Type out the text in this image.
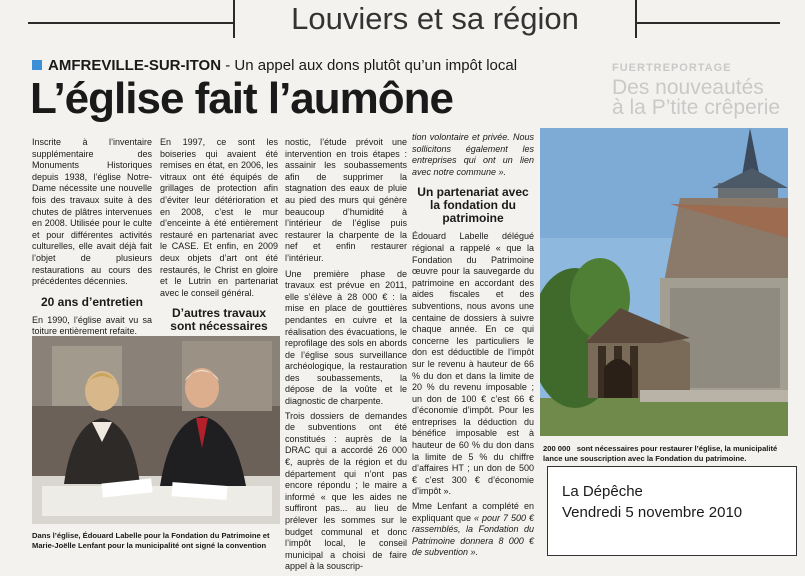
Louviers et sa région
FUERTREPORTAGE
Des nouveautés
à la P’tite crêperie
AMFREVILLE-SUR-ITON - Un appel aux dons plutôt qu’un impôt local
L’église fait l’aumône

Inscrite à l’inventaire supplémentaire des Monuments Historiques depuis 1938, l’église Notre-Dame nécessite une nouvelle fois des travaux suite à des chutes de plâtres intervenues en 2008. Utilisée pour le culte et pour différentes activités culturelles, elle avait déjà fait l’objet de plusieurs restaurations au cours des précédentes décennies.

20 ans d’entretien

En 1990, l’église avait vu sa toiture entièrement refaite.

En 1997, ce sont les boiseries qui avaient été remises en état, en 2006, les vitraux ont été équipés de grillages de protection afin d’éviter leur détérioration et en 2008, c’est le mur d’enceinte à été entièrement restauré en partenariat avec le CASE. Et enfin, en 2009 deux objets d’art ont été restaurés, le Christ en gloire et le Lutrin en partenariat avec le conseil général.

D’autres travaux sont nécessaires

nostic, l’étude prévoit une intervention en trois étapes : assainir les soubassements afin de supprimer la stagnation des eaux de pluie au pied des murs qui génère beaucoup d’humidité à l’intérieur de l’église puis restaurer la charpente de la nef et enfin restaurer l’intérieur.

Une première phase de travaux est prévue en 2011, elle s’élève à 28 000 € : la mise en place de gouttières pendantes en cuivre et la réalisation des évacuations, le reprofilage des sols en abords de l’église sous surveillance archéologique, la restauration des soubassements, la dépose de la voûte et le diagnostic de charpente.

Trois dossiers de demandes de subventions ont été constitués : auprès de la DRAC qui a accordé 26 000 €, auprès de la région et du département qui n’ont pas encore répondu ; le maire a informé « que les aides ne suffiront pas... au lieu de prélever les sommes sur le budget communal et donc l’impôt local, le conseil municipal a choisi de faire appel à la souscrip-

tion volontaire et privée. Nous sollicitons également les entreprises qui ont un lien avec notre commune ».

Un partenariat avec la fondation du patrimoine

Édouard Labelle délégué régional a rappelé « que la Fondation du Patrimoine œuvre pour la sauvegarde du patrimoine en accordant des aides fiscales et des subventions, nous avons une centaine de dossiers à suivre chaque année. En ce qui concerne les particuliers le don est déductible de l’impôt sur le revenu à hauteur de 66 % du don et dans la limite de 20 % du revenu imposable ; un don de 100 € c’est 66 € d’économie d’impôt. Pour les entreprises la déduction du bénéfice imposable est à hauteur de 60 % du don dans la limite de 5 % du chiffre d’affaires HT ; un don de 500 € c’est 300 € d’économie d’impôt ».

Mme Lenfant a complété en expliquant que « pour 7 500 € rassemblés, la Fondation du Patrimoine donnera 8 000 € de subvention ».

Dans l’église, Édouard Labelle pour la Fondation du Patrimoine et Marie-Joëlle Lenfant pour la municipalité ont signé la convention
200 000 sont nécessaires pour restaurer l’église, la municipalité lance une souscription avec la Fondation du patrimoine.
La Dépêche
Vendredi 5 novembre 2010
